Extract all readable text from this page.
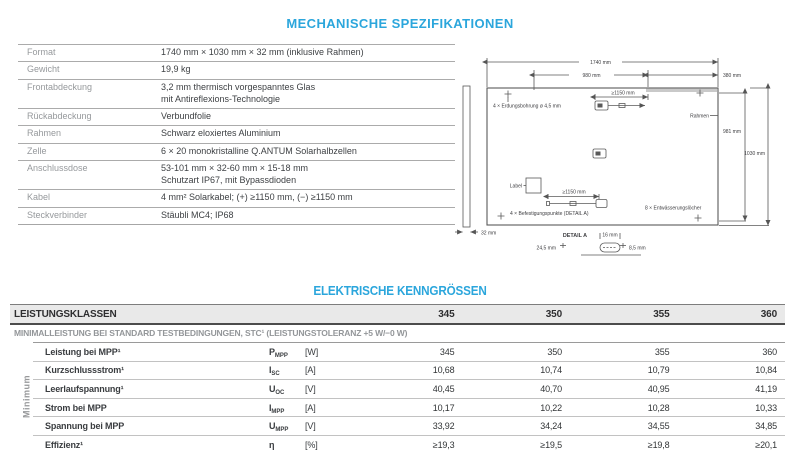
MECHANISCHE SPEZIFIKATIONEN
Format	1740 mm × 1030 mm × 32 mm (inklusive Rahmen)
Gewicht	19,9 kg
Frontabdeckung	3,2 mm thermisch vorgespanntes Glas
mit Antireflexions-Technologie
Rückabdeckung	Verbundfolie
Rahmen	Schwarz eloxiertes Aluminium
Zelle	6 × 20 monokristalline Q.ANTUM Solarhalbzellen
Anschlussdose	53-101 mm × 32-60 mm × 15-18 mm
Schutzart IP67, mit Bypassdioden
Kabel	4 mm² Solarkabel; (+) ≥1150 mm, (−) ≥1150 mm
Steckverbinder	Stäubli MC4; IP68
32 mm
1740 mm
980 mm	380 mm
4 × Erdungsbohrung ø 4,5 mm
≥1150 mm
Label
≥1150 mm
4 × Befestigungspunkte (DETAIL A)
8 × Entwässerungslöcher
Rahmen
981 mm
1030 mm
DETAIL A	16 mm
24,5 mm	8,5 mm
ELEKTRISCHE KENNGRÖSSEN
LEISTUNGSKLASSEN	345	350	355	360
MINIMALLEISTUNG BEI STANDARD TESTBEDINGUNGEN, STC¹ (LEISTUNGSTOLERANZ +5 W/−0 W)
Minimum
Leistung bei MPP¹	$P_{MPP}$	[W]	345	350	355	360
Kurzschlussstrom¹	$I_{SC}$	[A]	10,68	10,74	10,79	10,84
Leerlaufspannung¹	$U_{OC}$	[V]	40,45	40,70	40,95	41,19
Strom bei MPP	$I_{MPP}$	[A]	10,17	10,22	10,28	10,33
Spannung bei MPP	$U_{MPP}$	[V]	33,92	34,24	34,55	34,85
Effizienz¹	η	[%]	≥19,3	≥19,5	≥19,8	≥20,1
